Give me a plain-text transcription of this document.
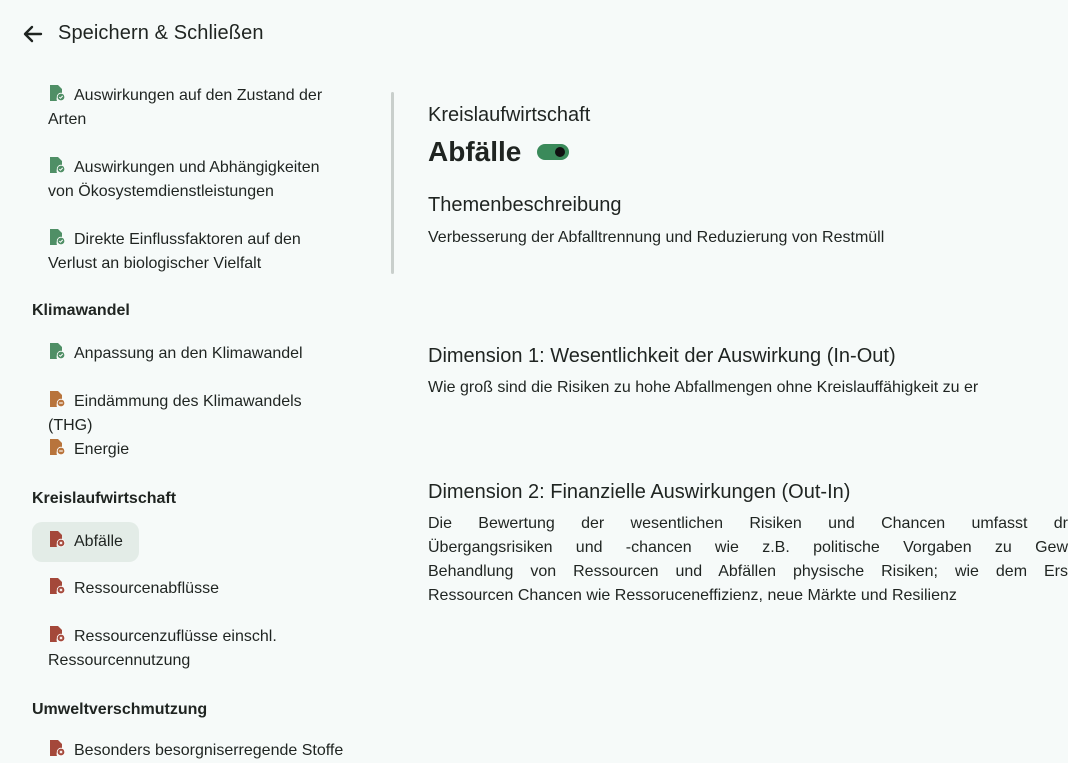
Speichern & Schließen
Auswirkungen auf den Zustand der Arten
Auswirkungen und Abhängigkeiten von Ökosystemdienstleistungen
Direkte Einflussfaktoren auf den Verlust an biologischer Vielfalt
Klimawandel
Anpassung an den Klimawandel
Eindämmung des Klimawandels (THG)
Energie
Kreislaufwirtschaft
Abfälle
Ressourcenabflüsse
Ressourcenzuflüsse einschl. Ressourcennutzung
Umweltverschmutzung
Besonders besorgniserregende Stoffe
Kreislaufwirtschaft
Abfälle
Themenbeschreibung
Verbesserung der Abfalltrennung und Reduzierung von Restmüll
Dimension 1: Wesentlichkeit der Auswirkung (In-Out)
Wie groß sind die Risiken zu hohe Abfallmengen ohne Kreislauffähigkeit zu er
Dimension 2: Finanzielle Auswirkungen (Out-In)
Die Bewertung der wesentlichen Risiken und Chancen umfasst dr
Übergangsrisiken und -chancen wie z.B. politische Vorgaben zu Gew
Behandlung von Ressourcen und Abfällen physische Risiken; wie dem Ers
Ressourcen Chancen wie Ressoruceneffizienz, neue Märkte und Resilienz
